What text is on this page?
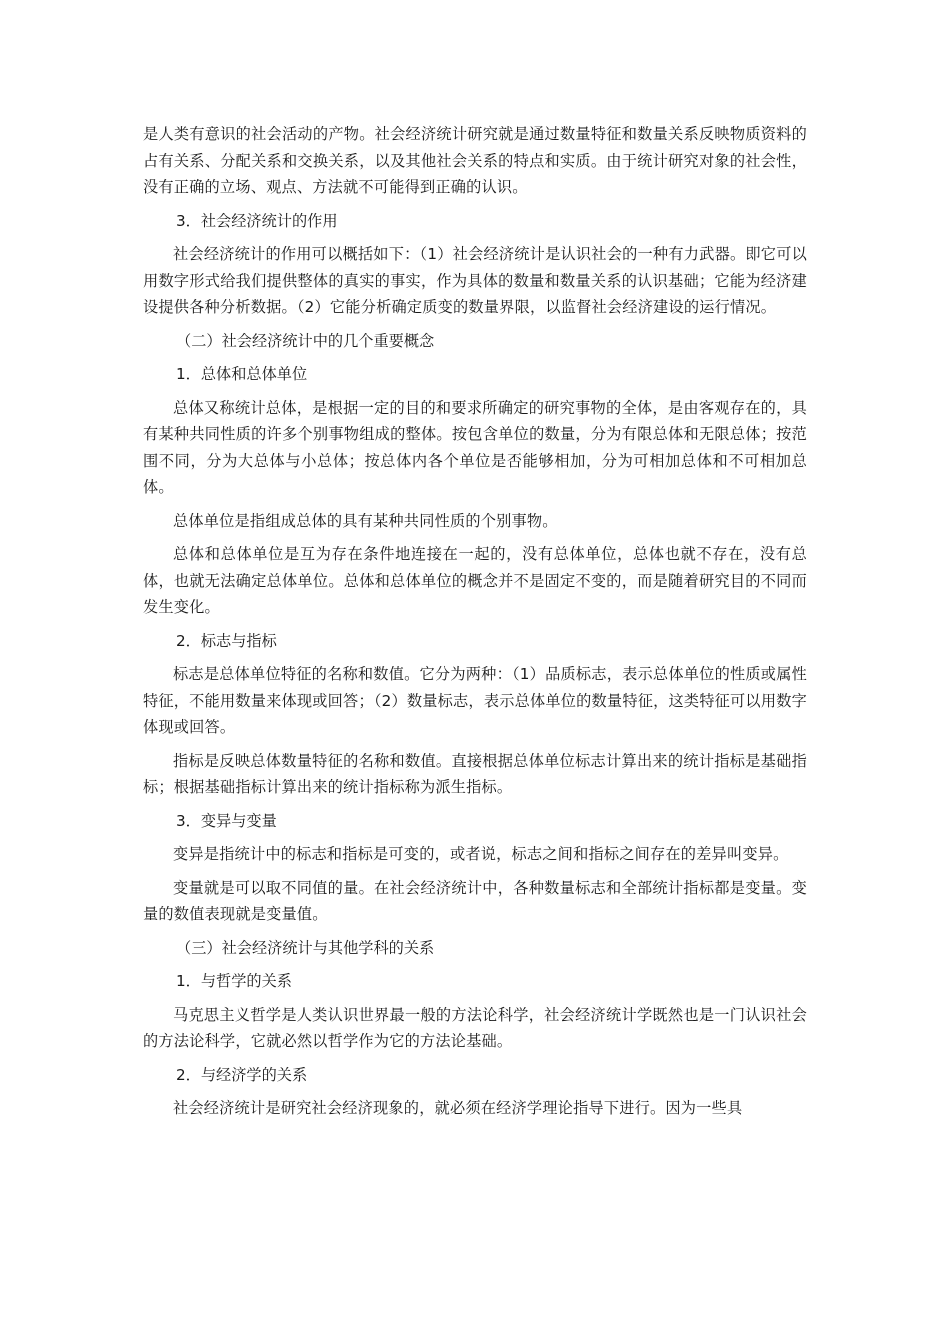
是人类有意识的社会活动的产物。社会经济统计研究就是通过数量特征和数量关系反映物质资料的占有关系、分配关系和交换关系，以及其他社会关系的特点和实质。由于统计研究对象的社会性，没有正确的立场、观点、方法就不可能得到正确的认识。

3．社会经济统计的作用

社会经济统计的作用可以概括如下：（1）社会经济统计是认识社会的一种有力武器。即它可以用数字形式给我们提供整体的真实的事实，作为具体的数量和数量关系的认识基础；它能为经济建设提供各种分析数据。（2）它能分析确定质变的数量界限，以监督社会经济建设的运行情况。

（二）社会经济统计中的几个重要概念

1．总体和总体单位

总体又称统计总体，是根据一定的目的和要求所确定的研究事物的全体，是由客观存在的，具有某种共同性质的许多个别事物组成的整体。按包含单位的数量，分为有限总体和无限总体；按范围不同，分为大总体与小总体；按总体内各个单位是否能够相加，分为可相加总体和不可相加总体。

总体单位是指组成总体的具有某种共同性质的个别事物。

总体和总体单位是互为存在条件地连接在一起的，没有总体单位，总体也就不存在，没有总体，也就无法确定总体单位。总体和总体单位的概念并不是固定不变的，而是随着研究目的不同而发生变化。

2．标志与指标

标志是总体单位特征的名称和数值。它分为两种：（1）品质标志，表示总体单位的性质或属性特征，不能用数量来体现或回答；（2）数量标志，表示总体单位的数量特征，这类特征可以用数字体现或回答。

指标是反映总体数量特征的名称和数值。直接根据总体单位标志计算出来的统计指标是基础指标；根据基础指标计算出来的统计指标称为派生指标。

3．变异与变量

变异是指统计中的标志和指标是可变的，或者说，标志之间和指标之间存在的差异叫变异。

变量就是可以取不同值的量。在社会经济统计中，各种数量标志和全部统计指标都是变量。变量的数值表现就是变量值。

（三）社会经济统计与其他学科的关系

1．与哲学的关系

马克思主义哲学是人类认识世界最一般的方法论科学，社会经济统计学既然也是一门认识社会的方法论科学，它就必然以哲学作为它的方法论基础。

2．与经济学的关系

社会经济统计是研究社会经济现象的，就必须在经济学理论指导下进行。因为一些具
